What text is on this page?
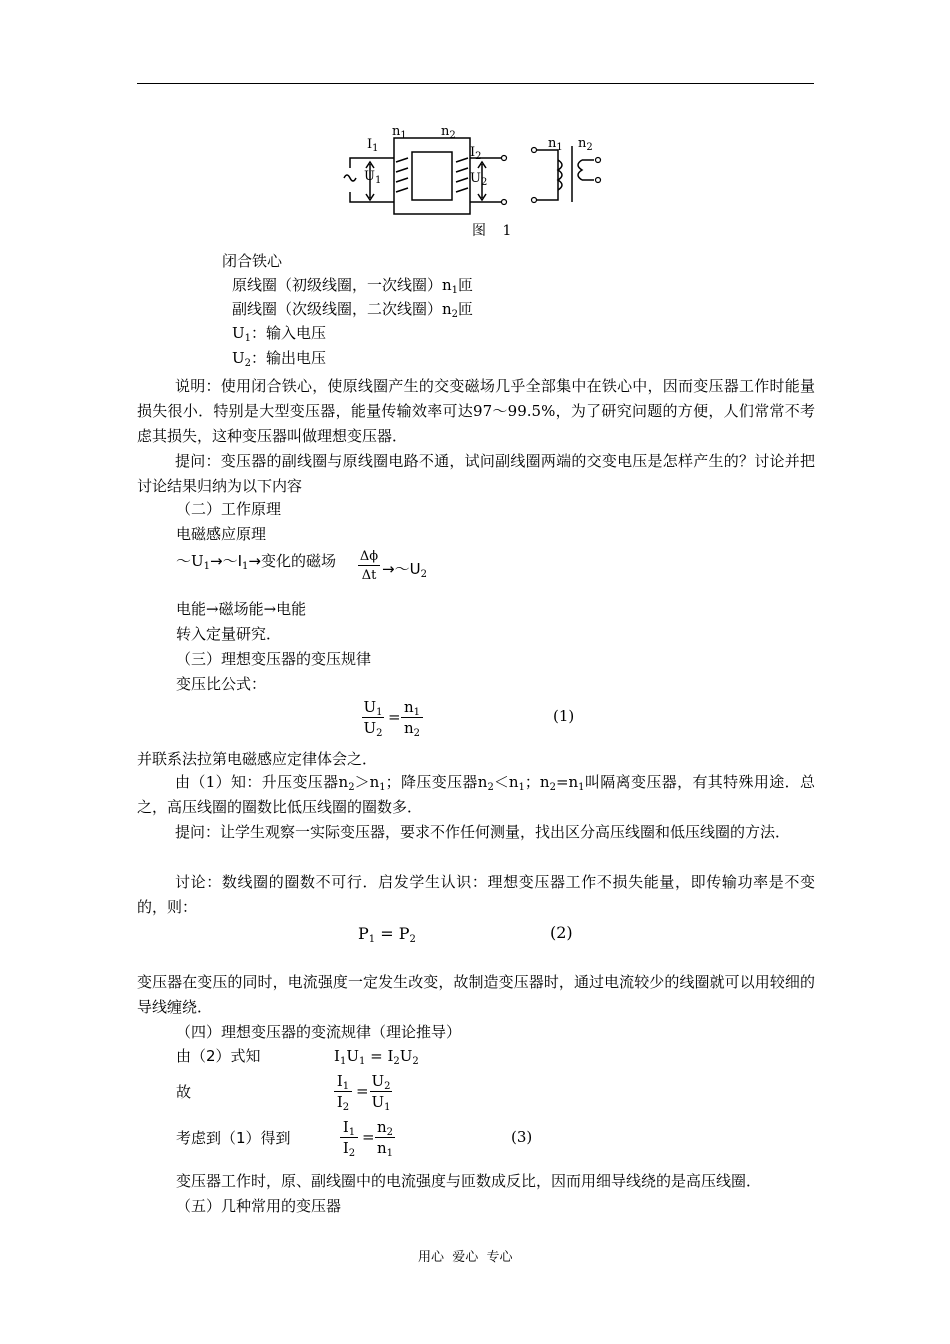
$n_1$	$n_2$
$I_1$
$U_1$
$I_2$
$U_2$
$n_1$ $n_2$
图 1
闭合铁心
原线圈（初级线圈，一次线圈）$n_1$匝
副线圈（次级线圈，二次线圈）$n_2$匝
$U_1$：输入电压
$U_2$：输出电压
说明：使用闭合铁心，使原线圈产生的交变磁场几乎全部集中在铁心中，因而变压器工作时能量损失很小．特别是大型变压器，能量传输效率可达97～99.5%，为了研究问题的方便，人们常常不考虑其损失，这种变压器叫做理想变压器．
提问：变压器的副线圈与原线圈电路不通，试问副线圈两端的交变电压是怎样产生的？讨论并把讨论结果归纳为以下内容
（二）工作原理
电磁感应原理
$\sim U_1\to\sim I_1\to$变化的磁场 Δϕ
$\Delta t \to\sim U_2$
电能→磁场能→电能
转入定量研究．
（三）理想变压器的变压规律
变压比公式：
$U_1$
$U_2$
=
$n_1$
$n_2$
(1)
并联系法拉第电磁感应定律体会之．
由（1）知：升压变压器$n_2>n_1$；降压变压器$n_2<n_1$；$n_2=n_1$叫隔离变压器，有其特殊用途．总之，高压线圈的圈数比低压线圈的圈数多．
提问：让学生观察一实际变压器，要求不作任何测量，找出区分高压线圈和低压线圈的方法．
讨论：数线圈的圈数不可行．启发学生认识：理想变压器工作不损失能量，即传输功率是不变的，则：
$P_1 = P_2$	(2)
变压器在变压的同时，电流强度一定发生改变，故制造变压器时，通过电流较少的线圈就可以用较细的导线缠绕．
（四）理想变压器的变流规律（理论推导）
由（2）式知	$I_1U_1 = I_2U_2$
故
$I_1$
$I_2$
=
$U_2$
$U_1$
考虑到（1）得到
$I_1$
$I_2$
=
$n_2$
$n_1$
(3)
变压器工作时，原、副线圈中的电流强度与匝数成反比，因而用细导线绕的是高压线圈．
（五）几种常用的变压器
用心  爱心  专心
